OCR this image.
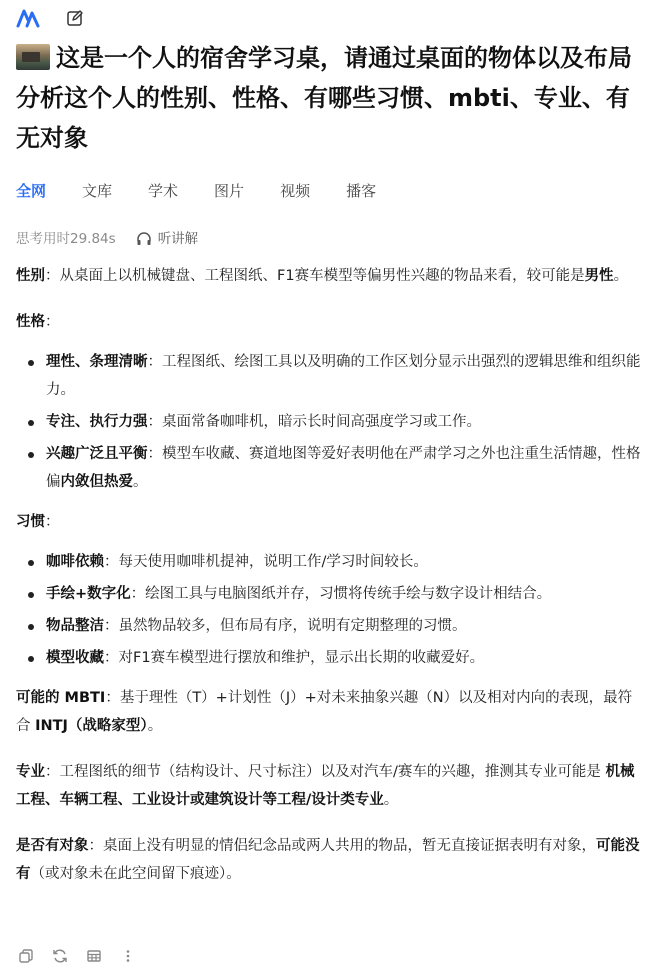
这是一个人的宿舍学习桌，请通过桌面的物体以及布局分析这个人的性别、性格、有哪些习惯、mbti、专业、有无对象
全网 文库 学术 图片 视频 播客
思考用时29.84s	听讲解

性别：从桌面上以机械键盘、工程图纸、F1赛车模型等偏男性兴趣的物品来看，较可能是男性。

性格：

理性、条理清晰：工程图纸、绘图工具以及明确的工作区划分显示出强烈的逻辑思维和组织能力。
专注、执行力强：桌面常备咖啡机，暗示长时间高强度学习或工作。
兴趣广泛且平衡：模型车收藏、赛道地图等爱好表明他在严肃学习之外也注重生活情趣，性格偏内敛但热爱。

习惯：

咖啡依赖：每天使用咖啡机提神，说明工作/学习时间较长。
手绘+数字化：绘图工具与电脑图纸并存，习惯将传统手绘与数字设计相结合。
物品整洁：虽然物品较多，但布局有序，说明有定期整理的习惯。
模型收藏：对F1赛车模型进行摆放和维护，显示出长期的收藏爱好。

可能的 MBTI：基于理性（T）+计划性（J）+对未来抽象兴趣（N）以及相对内向的表现，最符合 INTJ（战略家型）。

专业：工程图纸的细节（结构设计、尺寸标注）以及对汽车/赛车的兴趣，推测其专业可能是 机械工程、车辆工程、工业设计或建筑设计等工程/设计类专业。

是否有对象：桌面上没有明显的情侣纪念品或两人共用的物品，暂无直接证据表明有对象，可能没有（或对象未在此空间留下痕迹）。
